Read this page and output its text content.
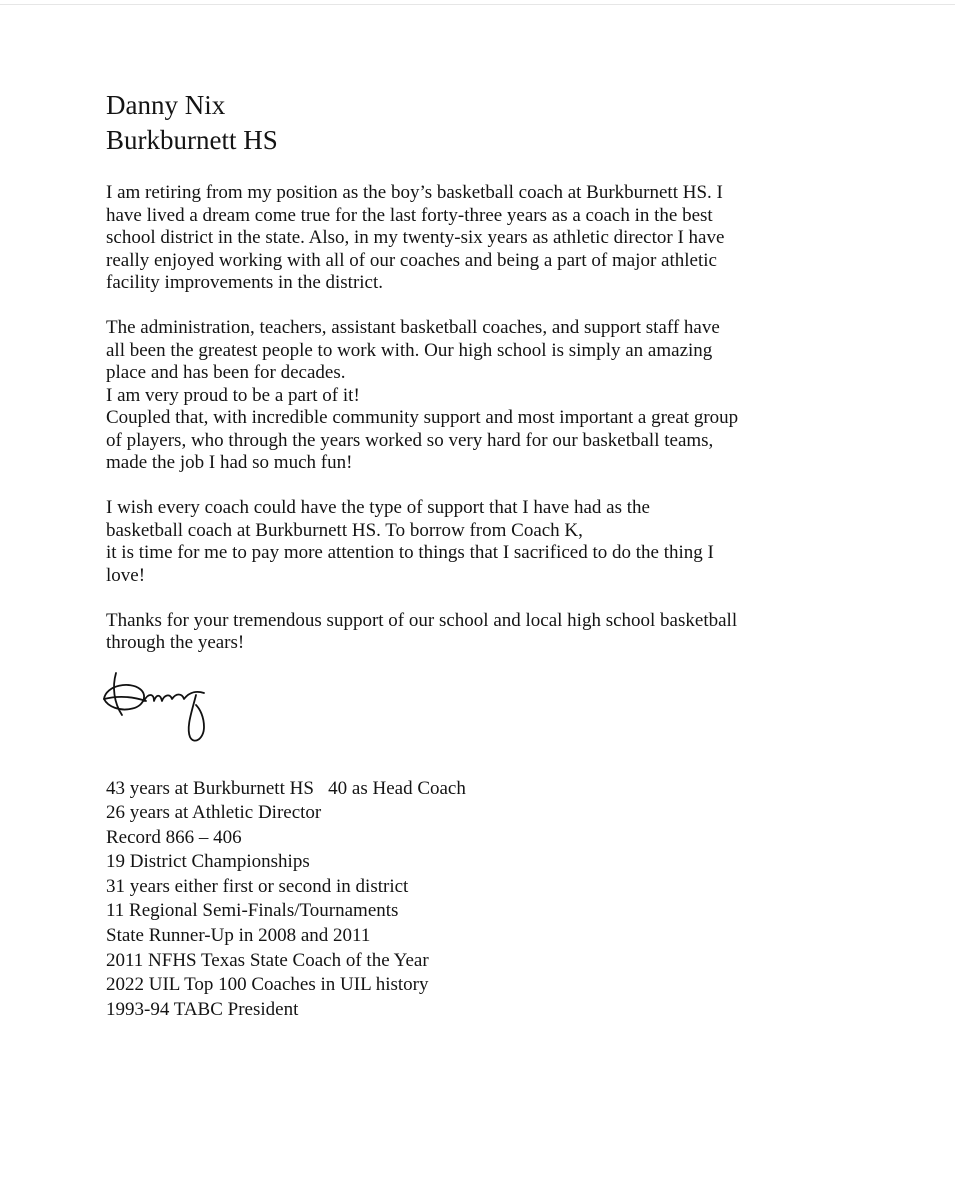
Danny Nix
Burkburnett HS

I am retiring from my position as the boy’s basketball coach at Burkburnett HS. I
have lived a dream come true for the last forty-three years as a coach in the best
school district in the state. Also, in my twenty-six years as athletic director I have
really enjoyed working with all of our coaches and being a part of major athletic
facility improvements in the district.

The administration, teachers, assistant basketball coaches, and support staff have
all been the greatest people to work with. Our high school is simply an amazing
place and has been for decades.
I am very proud to be a part of it!
Coupled that, with incredible community support and most important a great group
of players, who through the years worked so very hard for our basketball teams,
made the job I had so much fun!

I wish every coach could have the type of support that I have had as the
basketball coach at Burkburnett HS. To borrow from Coach K,
it is time for me to pay more attention to things that I sacrificed to do the thing I
love!

Thanks for your tremendous support of our school and local high school basketball
through the years!

43 years at Burkburnett HS   40 as Head Coach
26 years at Athletic Director
Record 866 – 406
19 District Championships
31 years either first or second in district
11 Regional Semi-Finals/Tournaments
State Runner-Up in 2008 and 2011
2011 NFHS Texas State Coach of the Year
2022 UIL Top 100 Coaches in UIL history
1993-94 TABC President
